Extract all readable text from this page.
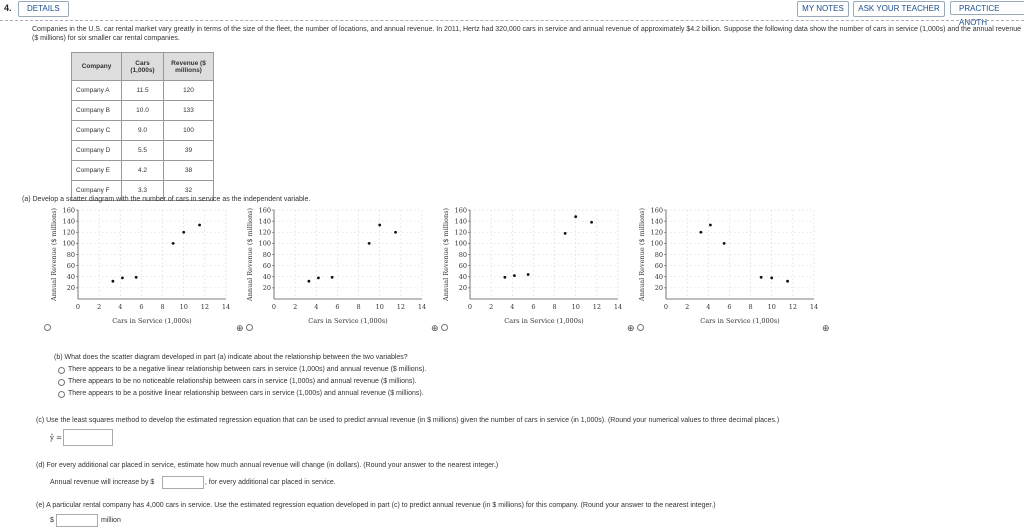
4.	DETAILS	MY NOTES	ASK YOUR TEACHER	PRACTICE ANOTH
Companies in the U.S. car rental market vary greatly in terms of the size of the fleet, the number of locations, and annual revenue. In 2011, Hertz had 320,000 cars in service and annual revenue of approximately $4.2 billion. Suppose the following data show the number of cars in service (1,000s) and the annual revenue ($ millions) for six smaller car rental companies.
Company	Cars (1,000s)	Revenue ($ millions)
Company A	11.5	120
Company B	10.0	133
Company C	9.0	100
Company D	5.5	39
Company E	4.2	38
Company F	3.3	32
(a) Develop a scatter diagram with the number of cars in service as the independent variable.
20
40
60
80
100
120
140
160
0	2	4	6	8 10 12 14
Cars in Service (1,000s)
Annual Revenue ($ millions)	20
40
60
80
100
120
140
160
0	2	4	6	8 10 12 14
Cars in Service (1,000s)
Annual Revenue ($ millions)	20
40
60
80
100
120
140
160
0	2	4	6	8 10 12 14
Cars in Service (1,000s)
Annual Revenue ($ millions)	20
40
60
80
100
120
140
160
0	2	4	6	8 10 12 14
Cars in Service (1,000s)
Annual Revenue ($ millions)
⊕	⊕	⊕	⊕
(b) What does the scatter diagram developed in part (a) indicate about the relationship between the two variables?
There appears to be a negative linear relationship between cars in service (1,000s) and annual revenue ($ millions).
There appears to be no noticeable relationship between cars in service (1,000s) and annual revenue ($ millions).
There appears to be a positive linear relationship between cars in service (1,000s) and annual revenue ($ millions).
(c) Use the least squares method to develop the estimated regression equation that can be used to predict annual revenue (in $ millions) given the number of cars in service (in 1,000s). (Round your numerical values to three decimal places.)
ŷ =
(d) For every additional car placed in service, estimate how much annual revenue will change (in dollars). (Round your answer to the nearest integer.)
Annual revenue will increase by $	, for every additional car placed in service.
(e) A particular rental company has 4,000 cars in service. Use the estimated regression equation developed in part (c) to predict annual revenue (in $ millions) for this company. (Round your answer to the nearest integer.)
$	million
